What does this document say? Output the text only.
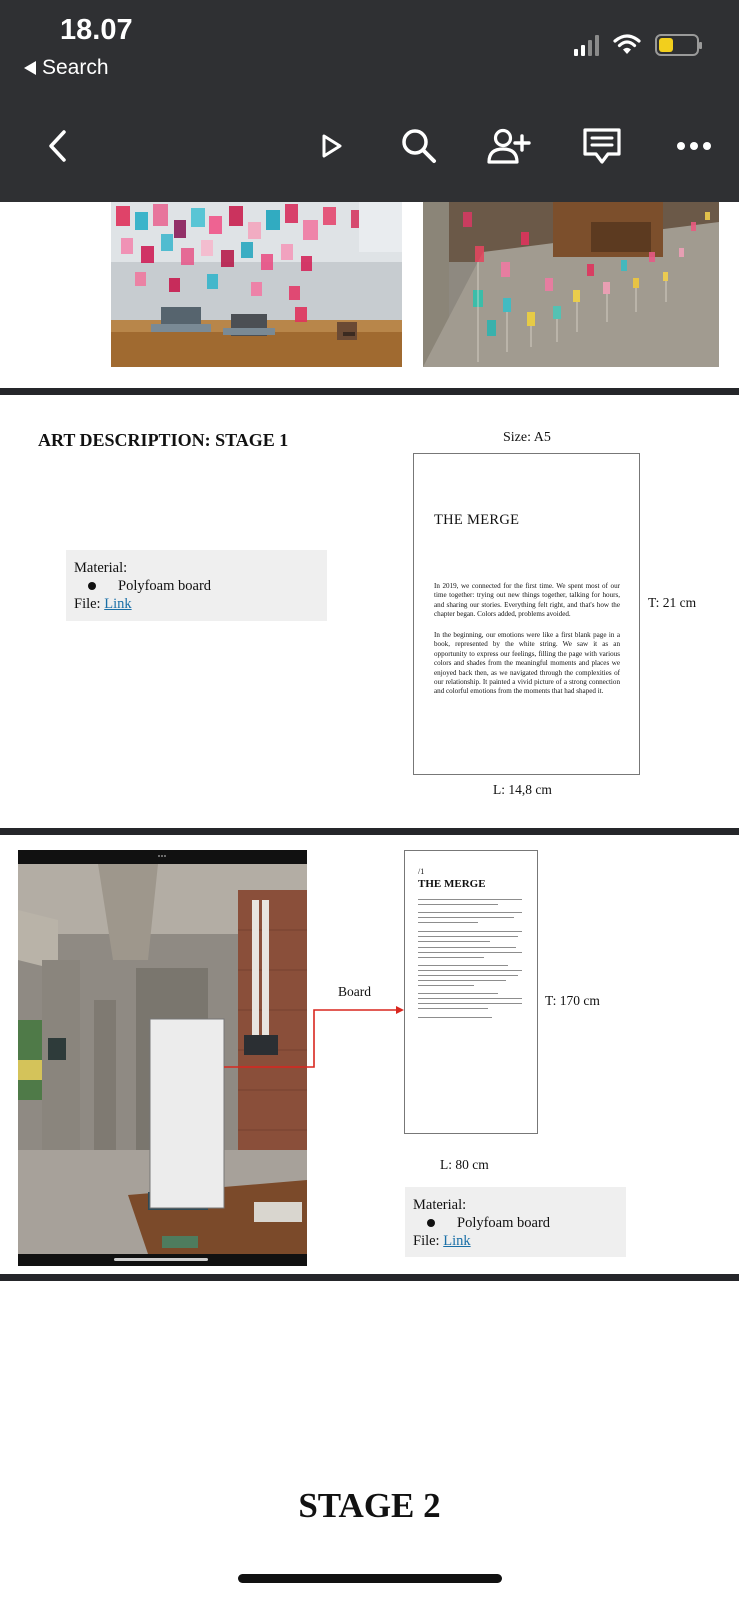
18.07
Search
ART DESCRIPTION: STAGE 1	Size: A5
THE MERGE
In 2019, we connected for the first time. We spent most of our time together: trying out new things together, talking for hours, and sharing our stories. Everything felt right, and that's how the chapter began. Colors added, problems avoided.
In the beginning, our emotions were like a first blank page in a book, represented by the white string. We saw it as an opportunity to express our feelings, filling the page with various colors and shades from the meaningful moments and places we enjoyed back then, as we navigated through the complexities of our relationship. It painted a vivid picture of a strong connection and colorful emotions from the moments that had shaped it.
T: 21 cm
L: 14,8 cm
Material:
Polyfoam board
File: Link
Board
/1
THE MERGE
T: 170 cm
L: 80 cm
Material:
Polyfoam board
File: Link
STAGE 2
